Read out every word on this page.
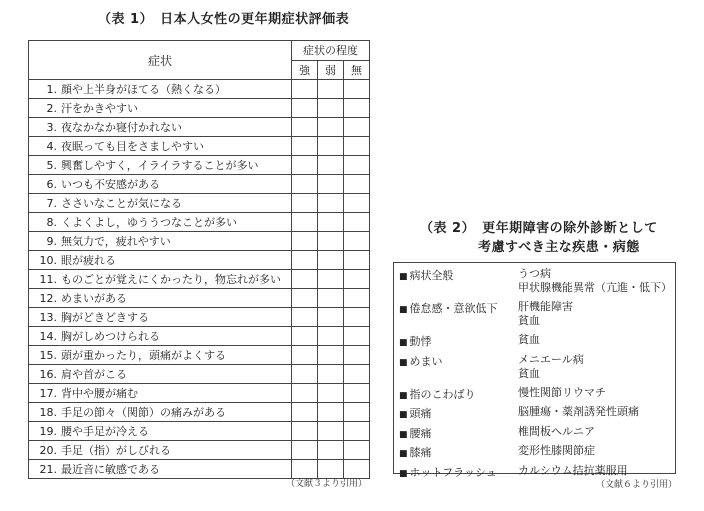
（表 1）　日本人女性の更年期症状評価表
症状	症状の程度		
	強	弱	無
1. 顔や上半身がほてる（熱くなる）			
2. 汗をかきやすい			
3. 夜なかなか寝付かれない			
4. 夜眠っても目をさましやすい			
5. 興奮しやすく，イライラすることが多い			
6. いつも不安感がある			
7. ささいなことが気になる			
8. くよくよし，ゆううつなことが多い			
9. 無気力で，疲れやすい			
10. 眼が疲れる			
11. ものごとが覚えにくかったり，物忘れが多い			
12. めまいがある			
13. 胸がどきどきする			
14. 胸がしめつけられる			
15. 頭が重かったり，頭痛がよくする			
16. 肩や首がこる			
17. 背中や腰が痛む			
18. 手足の節々（関節）の痛みがある			
19. 腰や手足が冷える			
20. 手足（指）がしびれる			
21. 最近音に敏感である			
（文献３より引用）
（表 2）　更年期障害の除外診断として
考慮すべき主な疾患・病態
■ 病状全般	うつ病
甲状腺機能異常（亢進・低下）
■ 倦怠感・意欲低下 肝機能障害
貧血
■ 動悸	貧血
■ めまい	メニエール病
貧血
■ 指のこわばり	慢性関節リウマチ
■ 頭痛	脳腫瘍・薬剤誘発性頭痛
■ 腰痛	椎間板ヘルニア
■ 膝痛	変形性膝関節症
■ ホットフラッシュ カルシウム拮抗薬服用
（文献６より引用）
